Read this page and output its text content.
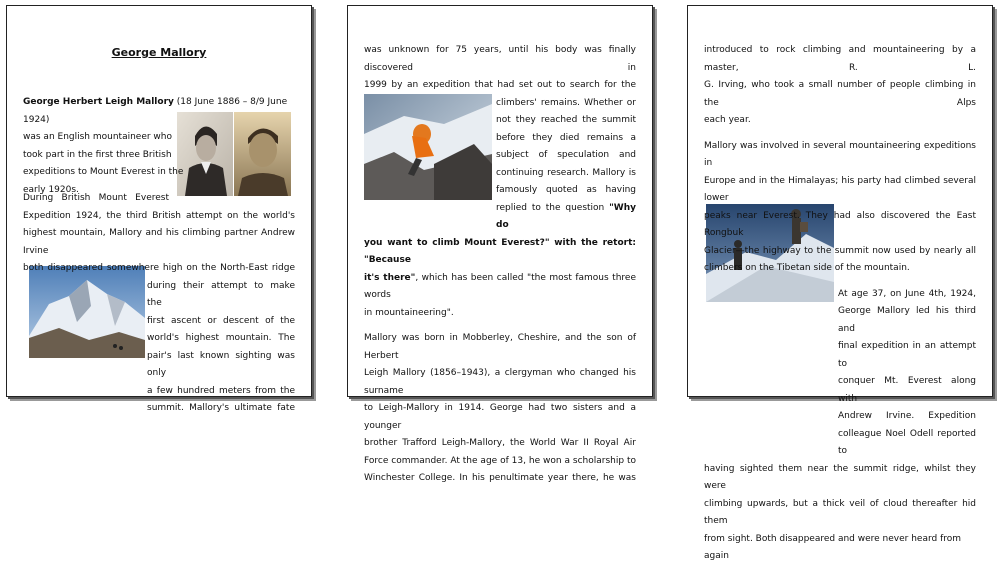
George Mallory

George Herbert Leigh Mallory (18 June 1886 – 8/9 June 1924)

was an English mountaineer who

took part in the first three British

expeditions to Mount Everest in the

early 1920s.

During British Mount Everest

Expedition 1924, the third British attempt on the world's

highest mountain, Mallory and his climbing partner Andrew Irvine

both disappeared somewhere high on the North-East ridge

during their attempt to make the

first ascent or descent of the

world's highest mountain. The

pair's last known sighting was only

a few hundred meters from the

summit. Mallory's ultimate fate

was unknown for 75 years, until his body was finally discovered in

1999 by an expedition that had set out to search for the

climbers' remains. Whether or

not they reached the summit

before they died remains a

subject of speculation and

continuing research. Mallory is

famously quoted as having

replied to the question "Why do

you want to climb Mount Everest?" with the retort: "Because

it's there", which has been called "the most famous three words

in mountaineering".

Mallory was born in Mobberley, Cheshire, and the son of Herbert

Leigh Mallory (1856–1943), a clergyman who changed his surname

to Leigh-Mallory in 1914. George had two sisters and a younger

brother Trafford Leigh-Mallory, the World War II Royal Air

Force commander. At the age of 13, he won a scholarship to

Winchester College. In his penultimate year there, he was

introduced to rock climbing and mountaineering by a master, R. L.

G. Irving, who took a small number of people climbing in the Alps

each year.

Mallory was involved in several mountaineering expeditions in

Europe and in the Himalayas; his party had climbed several lower

peaks near Everest. They had also discovered the East Rongbuk

Glacier—the highway to the summit now used by nearly all

climbers on the Tibetan side of the mountain.

At age 37, on June 4th, 1924,

George Mallory led his third and

final expedition in an attempt to

conquer Mt. Everest along with

Andrew Irvine. Expedition

colleague Noel Odell reported to

having sighted them near the summit ridge, whilst they were

climbing upwards, but a thick veil of cloud thereafter hid them

from sight. Both disappeared and were never heard from again
